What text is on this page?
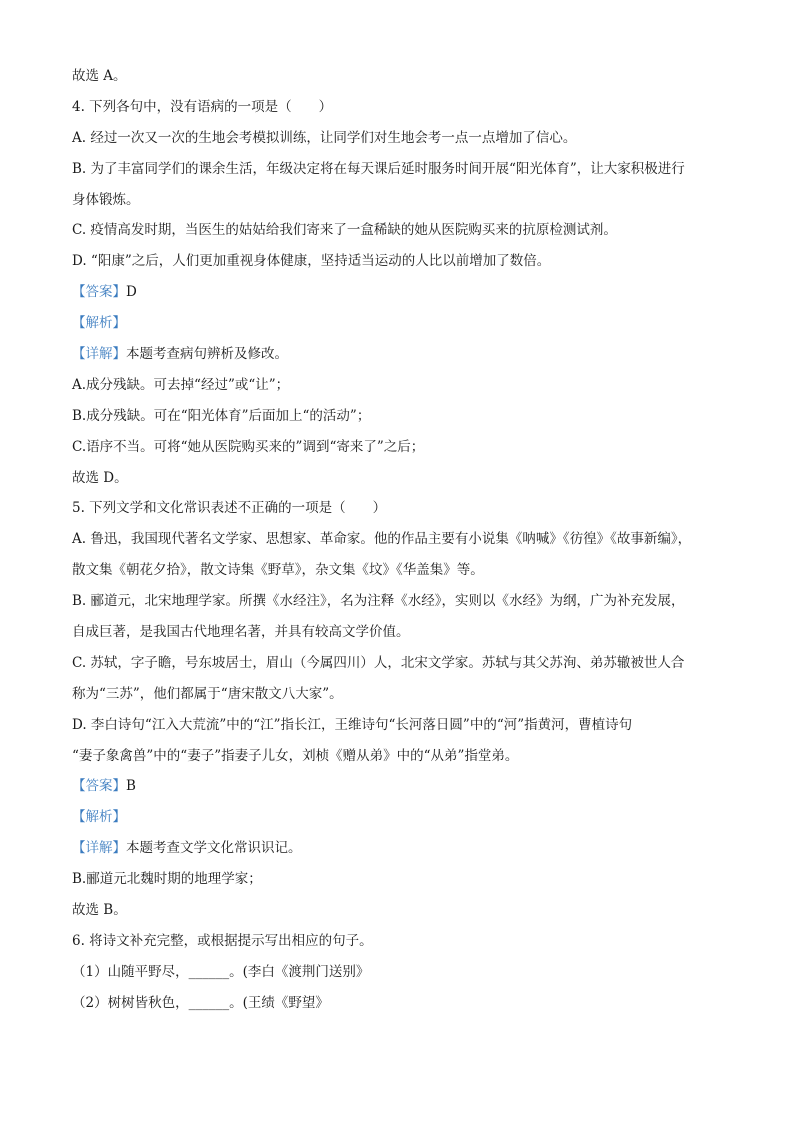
故选 A。
4. 下列各句中，没有语病的一项是（　　）
A. 经过一次又一次的生地会考模拟训练，让同学们对生地会考一点一点增加了信心。
B. 为了丰富同学们的课余生活，年级决定将在每天课后延时服务时间开展“阳光体育”，让大家积极进行
身体锻炼。
C. 疫情高发时期，当医生的姑姑给我们寄来了一盒稀缺的她从医院购买来的抗原检测试剂。
D. “阳康”之后，人们更加重视身体健康，坚持适当运动的人比以前增加了数倍。
【答案】D
【解析】
【详解】本题考查病句辨析及修改。
A.成分残缺。可去掉“经过”或“让”；
B.成分残缺。可在“阳光体育”后面加上“的活动”；
C.语序不当。可将“她从医院购买来的”调到“寄来了”之后；
故选 D。
5. 下列文学和文化常识表述不正确的一项是（　　）
A. 鲁迅，我国现代著名文学家、思想家、革命家。他的作品主要有小说集《呐喊》《彷徨》《故事新编》，
散文集《朝花夕拾》，散文诗集《野草》，杂文集《坟》《华盖集》等。
B. 郦道元，北宋地理学家。所撰《水经注》，名为注释《水经》，实则以《水经》为纲，广为补充发展，
自成巨著，是我国古代地理名著，并具有较高文学价值。
C. 苏轼，字子瞻，号东坡居士，眉山（今属四川）人，北宋文学家。苏轼与其父苏洵、弟苏辙被世人合
称为“三苏”，他们都属于“唐宋散文八大家”。
D. 李白诗句“江入大荒流”中的“江”指长江，王维诗句“长河落日圆”中的“河”指黄河，曹植诗句
“妻子象禽兽”中的“妻子”指妻子儿女，刘桢《赠从弟》中的“从弟”指堂弟。
【答案】B
【解析】
【详解】本题考查文学文化常识识记。
B.郦道元北魏时期的地理学家；
故选 B。
6. 将诗文补充完整，或根据提示写出相应的句子。
（1）山随平野尽，______。(李白《渡荆门送别》
（2）树树皆秋色，______。(王绩《野望》
